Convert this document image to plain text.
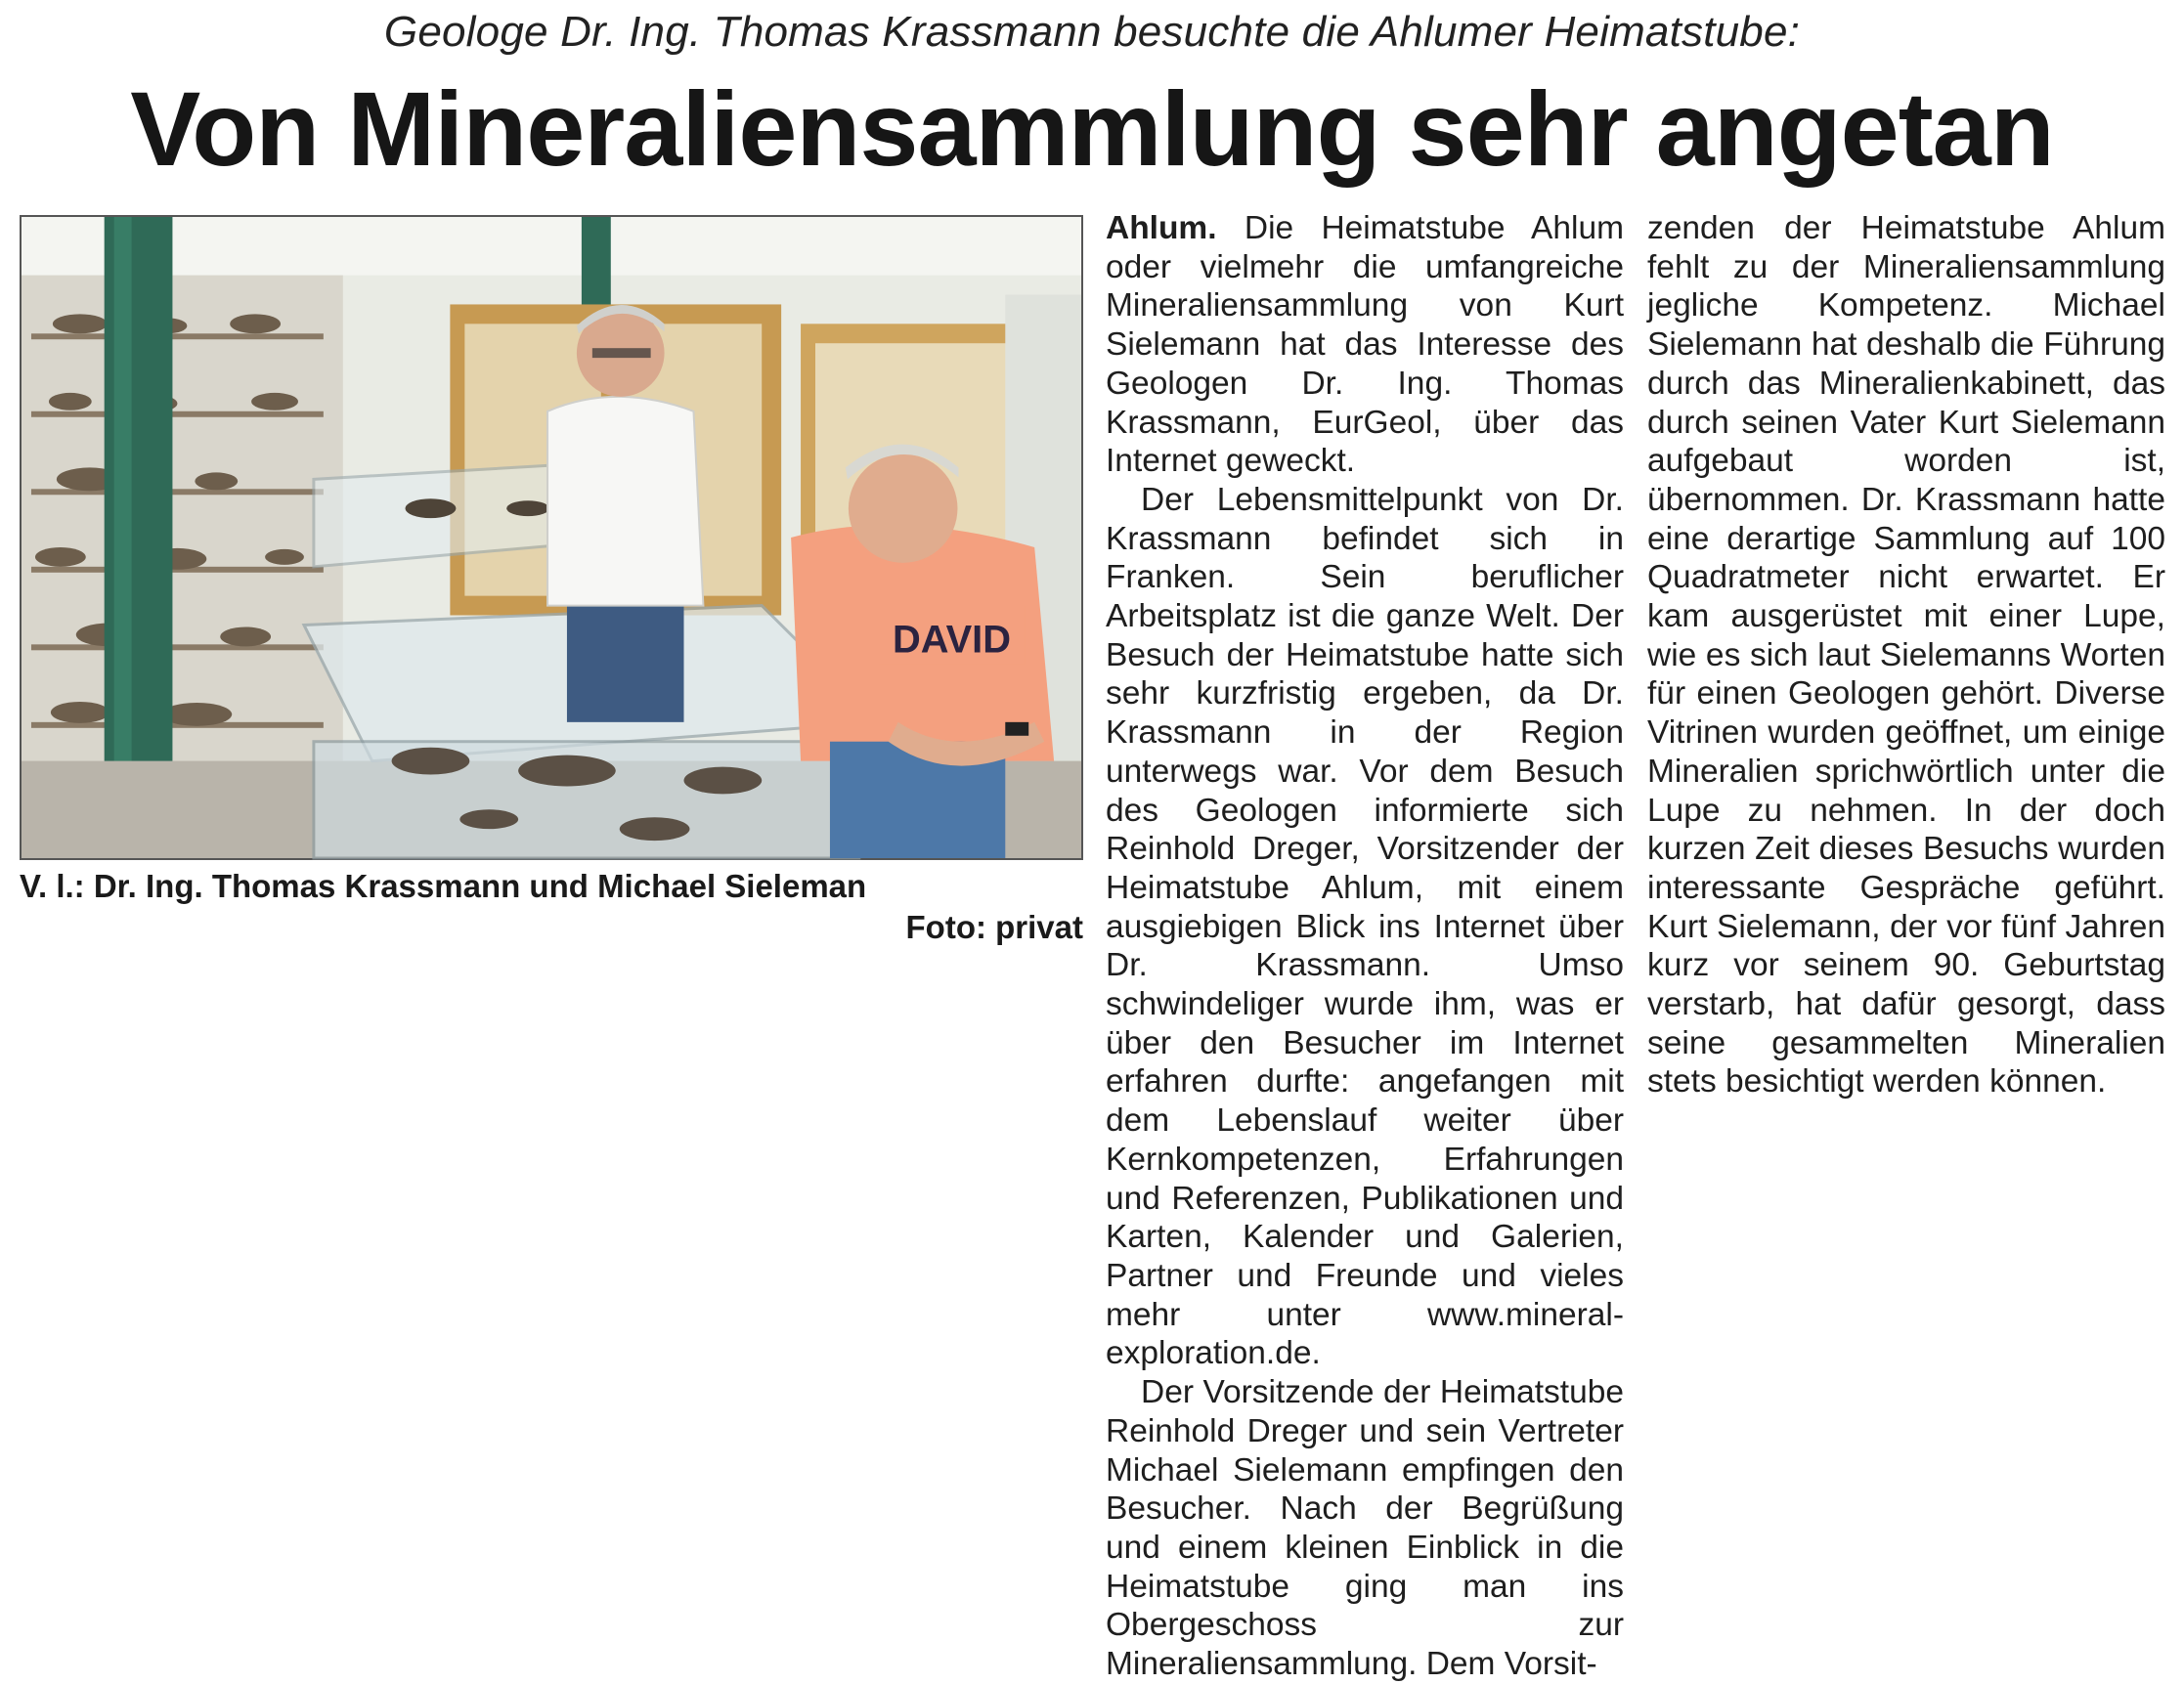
Geologe Dr. Ing. Thomas Krassmann besuchte die Ahlumer Heimatstube:
Von Mineraliensammlung sehr angetan
DAVID
V. l.: Dr. Ing. Thomas Krassmann und Michael Sieleman
Foto: privat

Ahlum. Die Heimatstube Ahlum oder vielmehr die umfangreiche Mineraliensammlung von Kurt Sielemann hat das Interesse des Geologen Dr. Ing. Thomas Krassmann, EurGeol, über das Internet geweckt.

Der Lebensmittelpunkt von Dr. Krassmann befindet sich in Franken. Sein beruflicher Arbeitsplatz ist die ganze Welt. Der Besuch der Heimatstube hatte sich sehr kurzfristig ergeben, da Dr. Krassmann in der Region unterwegs war. Vor dem Besuch des Geologen informierte sich Reinhold Dreger, Vorsitzender der Heimatstube Ahlum, mit einem ausgiebigen Blick ins Internet über Dr. Krassmann. Umso schwindeliger wurde ihm, was er über den Besucher im Internet erfahren durfte: angefangen mit dem Lebenslauf weiter über Kernkompetenzen, Erfahrungen und Referenzen, Publikationen und Karten, Kalender und Galerien, Partner und Freunde und vieles mehr unter www.mineral-exploration.de.

Der Vorsitzende der Heimatstube Reinhold Dreger und sein Vertreter Michael Sielemann empfingen den Besucher. Nach der Begrüßung und einem kleinen Einblick in die Heimatstube ging man ins Obergeschoss zur Mineraliensammlung. Dem Vorsit-

zenden der Heimatstube Ahlum fehlt zu der Mineraliensammlung jegliche Kompetenz. Michael Sielemann hat deshalb die Führung durch das Mineralienkabinett, das durch seinen Vater Kurt Sielemann aufgebaut worden ist, übernommen. Dr. Krassmann hatte eine derartige Sammlung auf 100 Quadratmeter nicht erwartet. Er kam ausgerüstet mit einer Lupe, wie es sich laut Sielemanns Worten für einen Geologen gehört. Diverse Vitrinen wurden geöffnet, um einige Mineralien sprichwörtlich unter die Lupe zu nehmen. In der doch kurzen Zeit dieses Besuchs wurden interessante Gespräche geführt. Kurt Sielemann, der vor fünf Jahren kurz vor seinem 90. Geburtstag verstarb, hat dafür gesorgt, dass seine gesammelten Mineralien stets besichtigt werden können.
